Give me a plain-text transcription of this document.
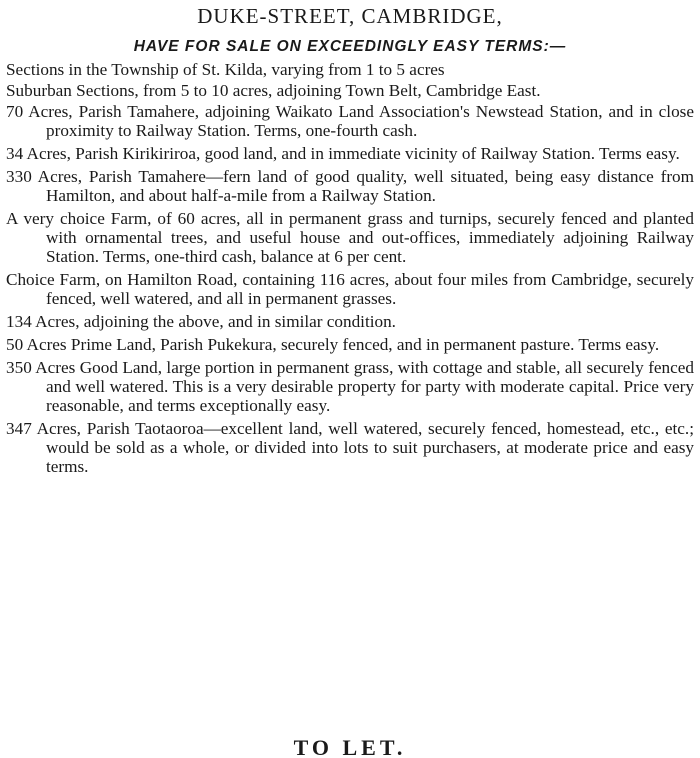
DUKE-STREET, CAMBRIDGE,
HAVE FOR SALE ON EXCEEDINGLY EASY TERMS:—

Sections in the Township of St. Kilda, varying from 1 to 5 acres

Suburban Sections, from 5 to 10 acres, adjoining Town Belt, Cambridge East.

70 Acres, Parish Tamahere, adjoining Waikato Land Association's Newstead Station, and in close proximity to Railway Station. Terms, one-fourth cash.

34 Acres, Parish Kirikiriroa, good land, and in immediate vicinity of Railway Station. Terms easy.

330 Acres, Parish Tamahere—fern land of good quality, well situated, being easy distance from Hamilton, and about half-a-mile from a Railway Station.

A very choice Farm, of 60 acres, all in permanent grass and turnips, securely fenced and planted with ornamental trees, and useful house and out-offices, immediately adjoining Railway Station. Terms, one-third cash, balance at 6 per cent.

Choice Farm, on Hamilton Road, containing 116 acres, about four miles from Cambridge, securely fenced, well watered, and all in permanent grasses.

134 Acres, adjoining the above, and in similar condition.

50 Acres Prime Land, Parish Pukekura, securely fenced, and in permanent pasture. Terms easy.

350 Acres Good Land, large portion in permanent grass, with cottage and stable, all securely fenced and well watered. This is a very desirable property for party with moderate capital. Price very reasonable, and terms exceptionally easy.

347 Acres, Parish Taotaoroa—excellent land, well watered, securely fenced, homestead, etc., etc.; would be sold as a whole, or divided into lots to suit purchasers, at moderate price and easy terms.

TO LET.
